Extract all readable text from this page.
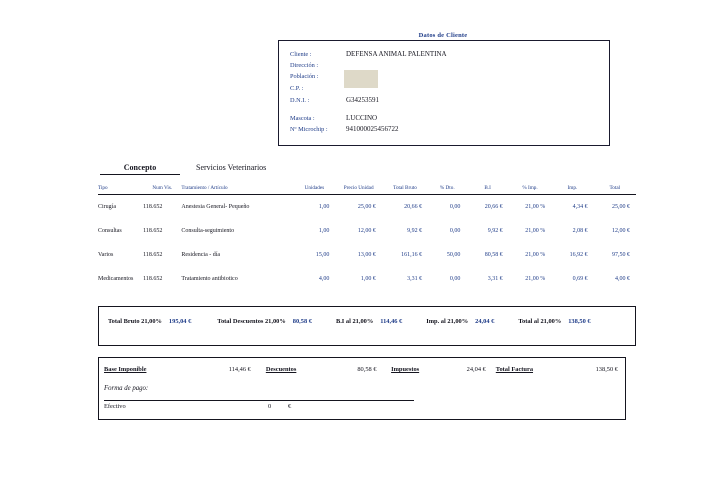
Datos de Cliente
Cliente :	DEFENSA ANIMAL PALENTINA
Dirección :
Población :
C.P. :
D.N.I. :	G34253591
Mascota :	LUCCINO
Nº Microchip :	941000025456722
Concepto	Servicios Veterinarios
Tipo	Num Vis.	Tratamiento / Artículo	Unidades	Precio Unidad	Total Bruto	% Dto.	B.I	% Imp.	Imp.	Total
Cirugía	118.652	Anestesia General- Pequeño	1,00	25,00 €	20,66 €	0,00	20,66 €	21,00 %	4,34 €	25,00 €
Consultas	118.652	Consulta-seguimiento	1,00	12,00 €	9,92 €	0,00	9,92 €	21,00 %	2,08 €	12,00 €
Varios	118.652	Residencia - día	15,00	13,00 €	161,16 €	50,00	80,58 €	21,00 %	16,92 €	97,50 €
Medicamentos	118.652	Tratamiento antibiotico	4,00	1,00 €	3,31 €	0,00	3,31 €	21,00 %	0,69 €	4,00 €
Total Bruto 21,00% 195,04 €	Total Descuentos 21,00% 80,58 €	B.I al 21,00% 114,46 €	Imp. al 21,00% 24,04 €	Total al 21,00% 138,50 €
Base Imponible	114,46 €	Descuentos	80,58 €	Impuestos	24,04 €	Total Factura	138,50 €
Forma de pago:
Efectivo	0	€
